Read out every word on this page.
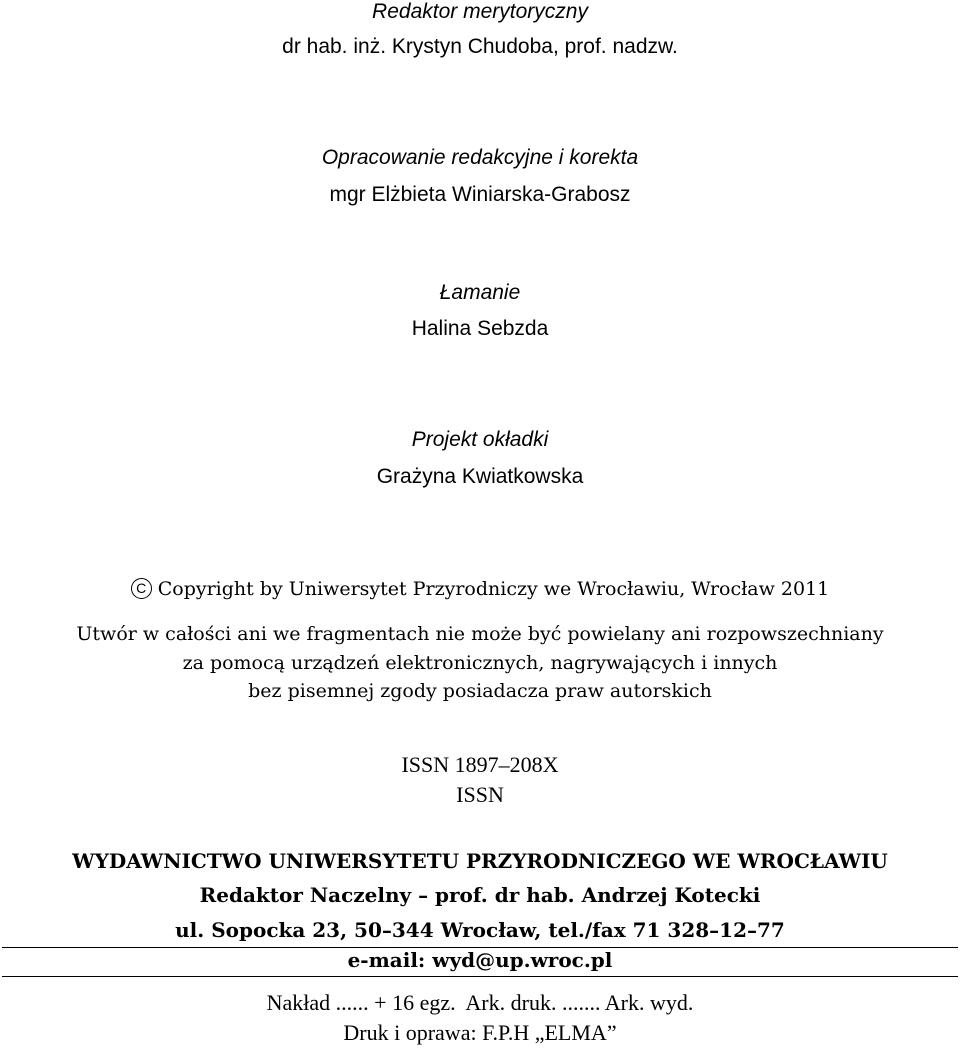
Redaktor merytoryczny
dr hab. inż. Krystyn Chudoba, prof. nadzw.
Opracowanie redakcyjne i korekta
mgr Elżbieta Winiarska-Grabosz
Łamanie
Halina Sebzda
Projekt okładki
Grażyna Kwiatkowska
C Copyright by Uniwersytet Przyrodniczy we Wrocławiu, Wrocław 2011
Utwór w całości ani we fragmentach nie może być powielany ani rozpowszechniany
za pomocą urządzeń elektronicznych, nagrywających i innych
bez pisemnej zgody posiadacza praw autorskich
ISSN 1897–208X
ISSN
WYDAWNICTWO UNIWERSYTETU PRZYRODNICZEGO WE WROCŁAWIU
Redaktor Naczelny – prof. dr hab. Andrzej Kotecki
ul. Sopocka 23, 50–344 Wrocław, tel./fax 71 328–12–77
e-mail: wyd@up.wroc.pl
Nakład ...... + 16 egz.  Ark. druk. ....... Ark. wyd.
Druk i oprawa: F.P.H „ELMA”
